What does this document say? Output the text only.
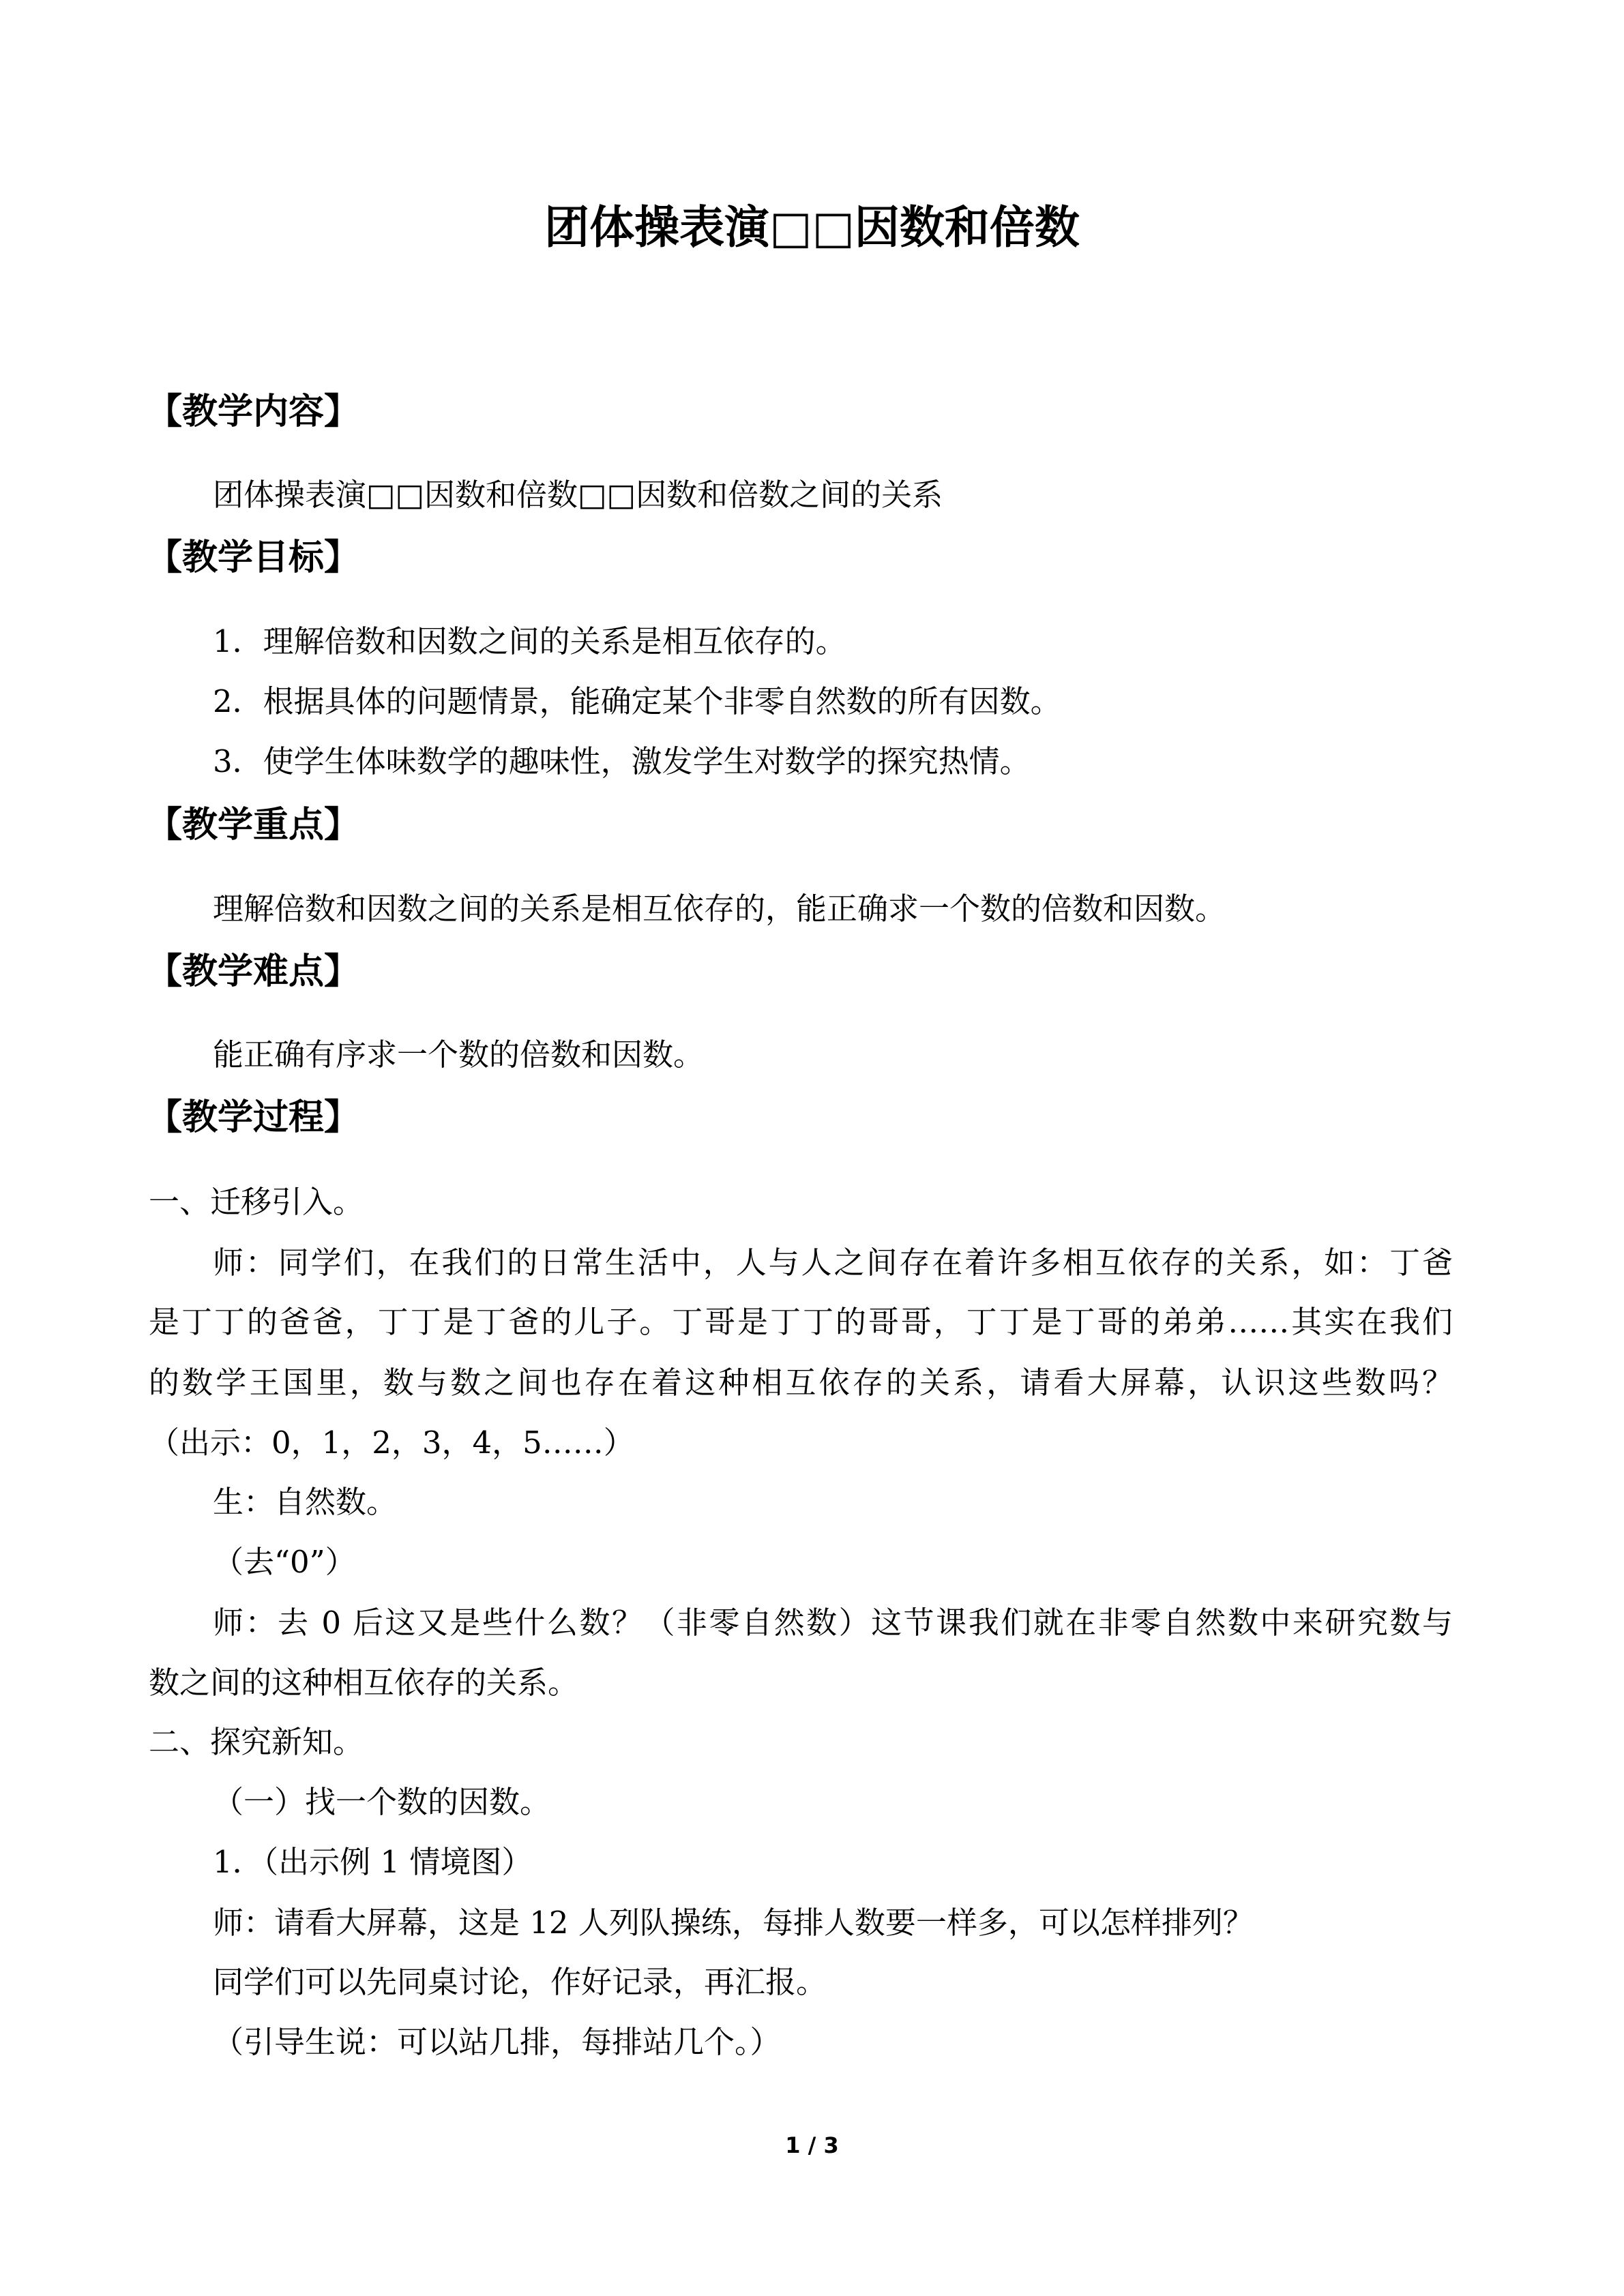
团体操表演□□因数和倍数
【教学内容】
团体操表演□□因数和倍数□□因数和倍数之间的关系
【教学目标】
1．理解倍数和因数之间的关系是相互依存的。
2．根据具体的问题情景，能确定某个非零自然数的所有因数。
3．使学生体味数学的趣味性，激发学生对数学的探究热情。
【教学重点】
理解倍数和因数之间的关系是相互依存的，能正确求一个数的倍数和因数。
【教学难点】
能正确有序求一个数的倍数和因数。
【教学过程】
一、迁移引入。
师：同学们，在我们的日常生活中，人与人之间存在着许多相互依存的关系，如：丁爸
是丁丁的爸爸，丁丁是丁爸的儿子。丁哥是丁丁的哥哥，丁丁是丁哥的弟弟……其实在我们
的数学王国里，数与数之间也存在着这种相互依存的关系，请看大屏幕，认识这些数吗？
（出示：0，1，2，3，4，5……）
生：自然数。
（去“0”）
师：去 0 后这又是些什么数？（非零自然数）这节课我们就在非零自然数中来研究数与
数之间的这种相互依存的关系。
二、探究新知。
（一）找一个数的因数。
1．（出示例 1 情境图）
师：请看大屏幕，这是 12 人列队操练，每排人数要一样多，可以怎样排列？
同学们可以先同桌讨论，作好记录，再汇报。
（引导生说：可以站几排，每排站几个。）
1 / 3
